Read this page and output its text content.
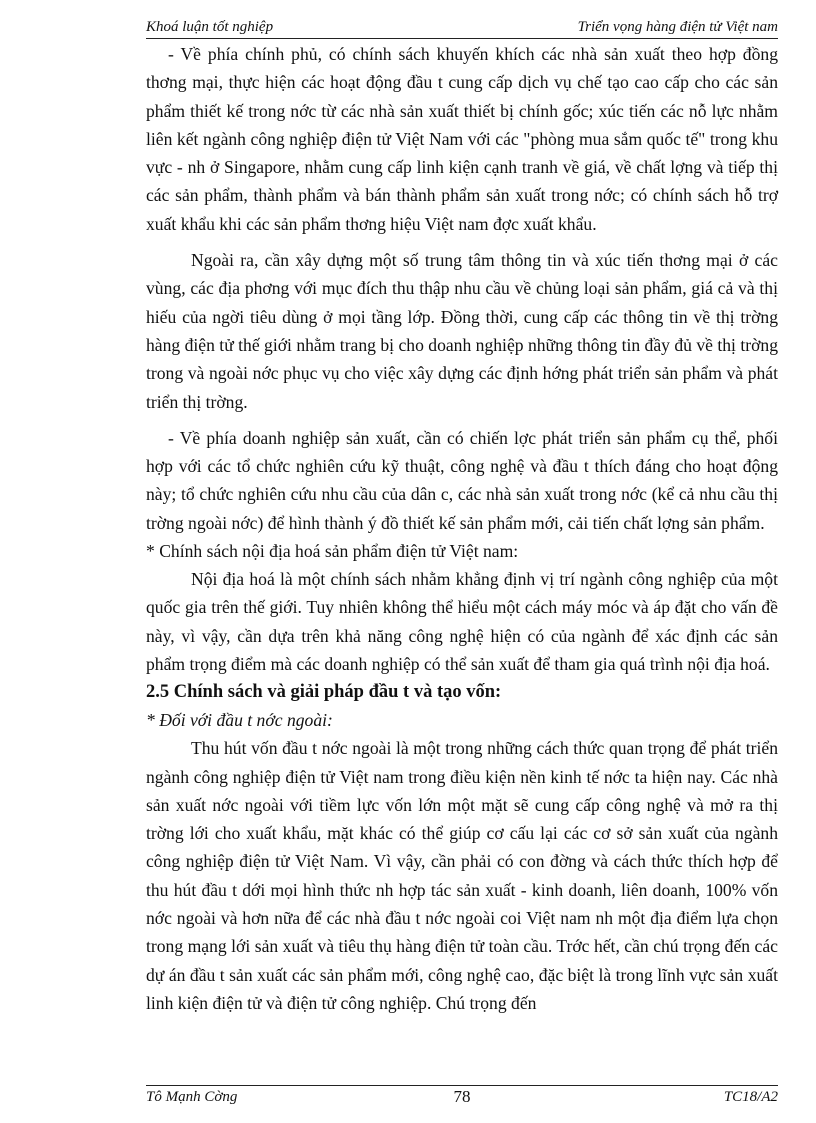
Khoá luận tốt nghiệp	Triển vọng hàng điện tử Việt nam

- Về phía chính phủ, có chính sách khuyến khích các nhà sản xuất theo hợp đồng thơng mại, thực hiện các hoạt động đầu t cung cấp dịch vụ chế tạo cao cấp cho các sản phẩm thiết kế trong nớc từ các nhà sản xuất thiết bị chính gốc; xúc tiến các nỗ lực nhằm liên kết ngành công nghiệp điện tử Việt Nam với các "phòng mua sắm quốc tế" trong khu vực - nh ở Singapore, nhằm cung cấp linh kiện cạnh tranh về giá, về chất lợng và tiếp thị các sản phẩm, thành phẩm và bán thành phẩm sản xuất trong nớc; có chính sách hỗ trợ xuất khẩu khi các sản phẩm thơng hiệu Việt nam đợc xuất khẩu.

Ngoài ra, cần xây dựng một số trung tâm thông tin và xúc tiến thơng mại ở các vùng, các địa phơng với mục đích thu thập nhu cầu về chủng loại sản phẩm, giá cả và thị hiếu của ngời tiêu dùng ở mọi tầng lớp. Đồng thời, cung cấp các thông tin về thị trờng hàng điện tử thế giới nhằm trang bị cho doanh nghiệp những thông tin đầy đủ về thị trờng trong và ngoài nớc phục vụ cho việc xây dựng các định hớng phát triển sản phẩm và phát triển thị trờng.

- Về phía doanh nghiệp sản xuất, cần có chiến lợc phát triển sản phẩm cụ thể, phối hợp với các tổ chức nghiên cứu kỹ thuật, công nghệ và đầu t thích đáng cho hoạt động này; tổ chức nghiên cứu nhu cầu của dân c, các nhà sản xuất trong nớc (kể cả nhu cầu thị trờng ngoài nớc) để hình thành ý đồ thiết kế sản phẩm mới, cải tiến chất lợng sản phẩm.

* Chính sách nội địa hoá sản phẩm điện tử Việt nam:

Nội địa hoá là một chính sách nhằm khẳng định vị trí ngành công nghiệp của một quốc gia trên thế giới. Tuy nhiên không thể hiểu một cách máy móc và áp đặt cho vấn đề này, vì vậy, cần dựa trên khả năng công nghệ hiện có của ngành để xác định các sản phẩm trọng điểm mà các doanh nghiệp có thể sản xuất để tham gia quá trình nội địa hoá.

2.5 Chính sách và giải pháp đầu t và tạo vốn:

* Đối với đầu t nớc ngoài:

Thu hút vốn đầu t nớc ngoài là một trong những cách thức quan trọng để phát triển ngành công nghiệp điện tử Việt nam trong điều kiện nền kinh tế nớc ta hiện nay. Các nhà sản xuất nớc ngoài với tiềm lực vốn lớn một mặt sẽ cung cấp công nghệ và mở ra thị trờng lới cho xuất khẩu, mặt khác có thể giúp cơ cấu lại các cơ sở sản xuất của ngành công nghiệp điện tử Việt Nam. Vì vậy, cần phải có con đờng và cách thức thích hợp để thu hút đầu t dới mọi hình thức nh hợp tác sản xuất - kinh doanh, liên doanh, 100% vốn nớc ngoài và hơn nữa để các nhà đầu t nớc ngoài coi Việt nam nh một địa điểm lựa chọn trong mạng lới sản xuất và tiêu thụ hàng điện tử toàn cầu. Trớc hết, cần chú trọng đến các dự án đầu t sản xuất các sản phẩm mới, công nghệ cao, đặc biệt là trong lĩnh vực sản xuất linh kiện điện tử và điện tử công nghiệp. Chú trọng đến

Tô Mạnh Cờng	78	TC18/A2
